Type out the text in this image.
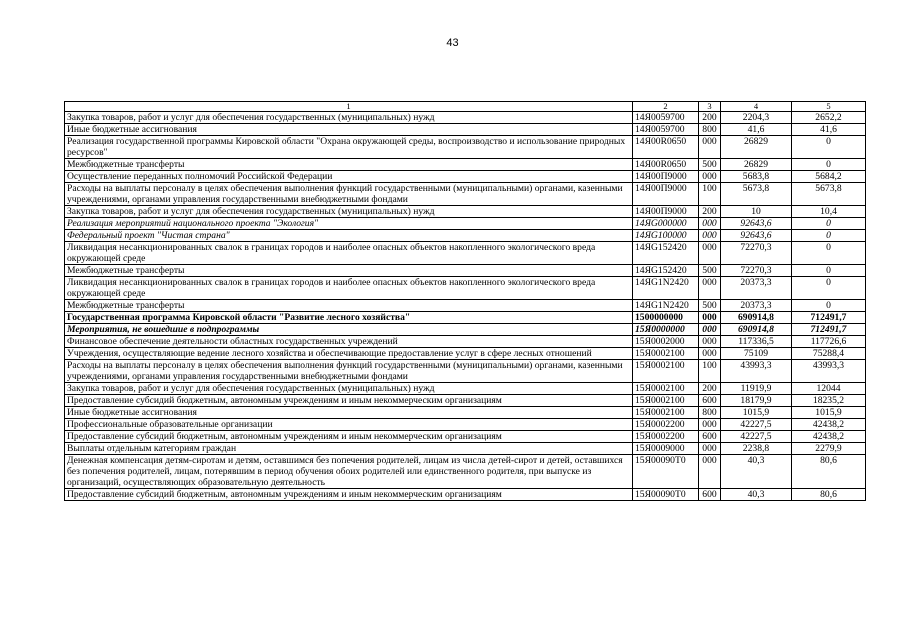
43
1	2	3	4	5
Закупка товаров, работ и услуг для обеспечения государственных (муниципальных) нужд	14Я0059700	200	2204,3	2652,2
Иные бюджетные ассигнования	14Я0059700	800	41,6	41,6
Реализация государственной программы Кировской области "Охрана окружающей среды, воспроизводство и использование природных ресурсов"	14Я00R0650	000	26829	0
Межбюджетные трансферты	14Я00R0650	500	26829	0
Осуществление переданных полномочий Российской Федерации	14Я00П9000	000	5683,8	5684,2
Расходы на выплаты персоналу в целях обеспечения выполнения функций государственными (муниципальными) органами, казенными учреждениями, органами управления государственными внебюджетными фондами	14Я00П9000	100	5673,8	5673,8
Закупка товаров, работ и услуг для обеспечения государственных (муниципальных) нужд	14Я00П9000	200	10	10,4
Реализация мероприятий национального проекта "Экология"	14ЯG000000	000	92643,6	0
Федеральный проект "Чистая страна"	14ЯG100000	000	92643,6	0
Ликвидация несанкционированных свалок в границах городов и наиболее опасных объектов накопленного экологического вреда окружающей среде	14ЯG152420	000	72270,3	0
Межбюджетные трансферты	14ЯG152420	500	72270,3	0
Ликвидация несанкционированных свалок в границах городов и наиболее опасных объектов накопленного экологического вреда окружающей среде	14ЯG1N2420	000	20373,3	0
Межбюджетные трансферты	14ЯG1N2420	500	20373,3	0
Государственная программа Кировской области "Развитие лесного хозяйства"	1500000000	000	690914,8	712491,7
Мероприятия, не вошедшие в подпрограммы	15Я0000000	000	690914,8	712491,7
Финансовое обеспечение деятельности областных государственных учреждений	15Я0002000	000	117336,5	117726,6
Учреждения, осуществляющие ведение лесного хозяйства и обеспечивающие предоставление услуг в сфере лесных отношений	15Я0002100	000	75109	75288,4
Расходы на выплаты персоналу в целях обеспечения выполнения функций государственными (муниципальными) органами, казенными учреждениями, органами управления государственными внебюджетными фондами	15Я0002100	100	43993,3	43993,3
Закупка товаров, работ и услуг для обеспечения государственных (муниципальных) нужд	15Я0002100	200	11919,9	12044
Предоставление субсидий бюджетным, автономным учреждениям и иным некоммерческим организациям	15Я0002100	600	18179,9	18235,2
Иные бюджетные ассигнования	15Я0002100	800	1015,9	1015,9
Профессиональные образовательные организации	15Я0002200	000	42227,5	42438,2
Предоставление субсидий бюджетным, автономным учреждениям и иным некоммерческим организациям	15Я0002200	600	42227,5	42438,2
Выплаты отдельным категориям граждан	15Я0009000	000	2238,8	2279,9
Денежная компенсация детям-сиротам и детям, оставшимся без попечения родителей, лицам из числа детей-сирот и детей, оставшихся без попечения родителей, лицам, потерявшим в период обучения обоих родителей или единственного родителя, при выпуске из организаций, осуществляющих образовательную деятельность	15Я00090Т0	000	40,3	80,6
Предоставление субсидий бюджетным, автономным учреждениям и иным некоммерческим организациям	15Я00090Т0	600	40,3	80,6
